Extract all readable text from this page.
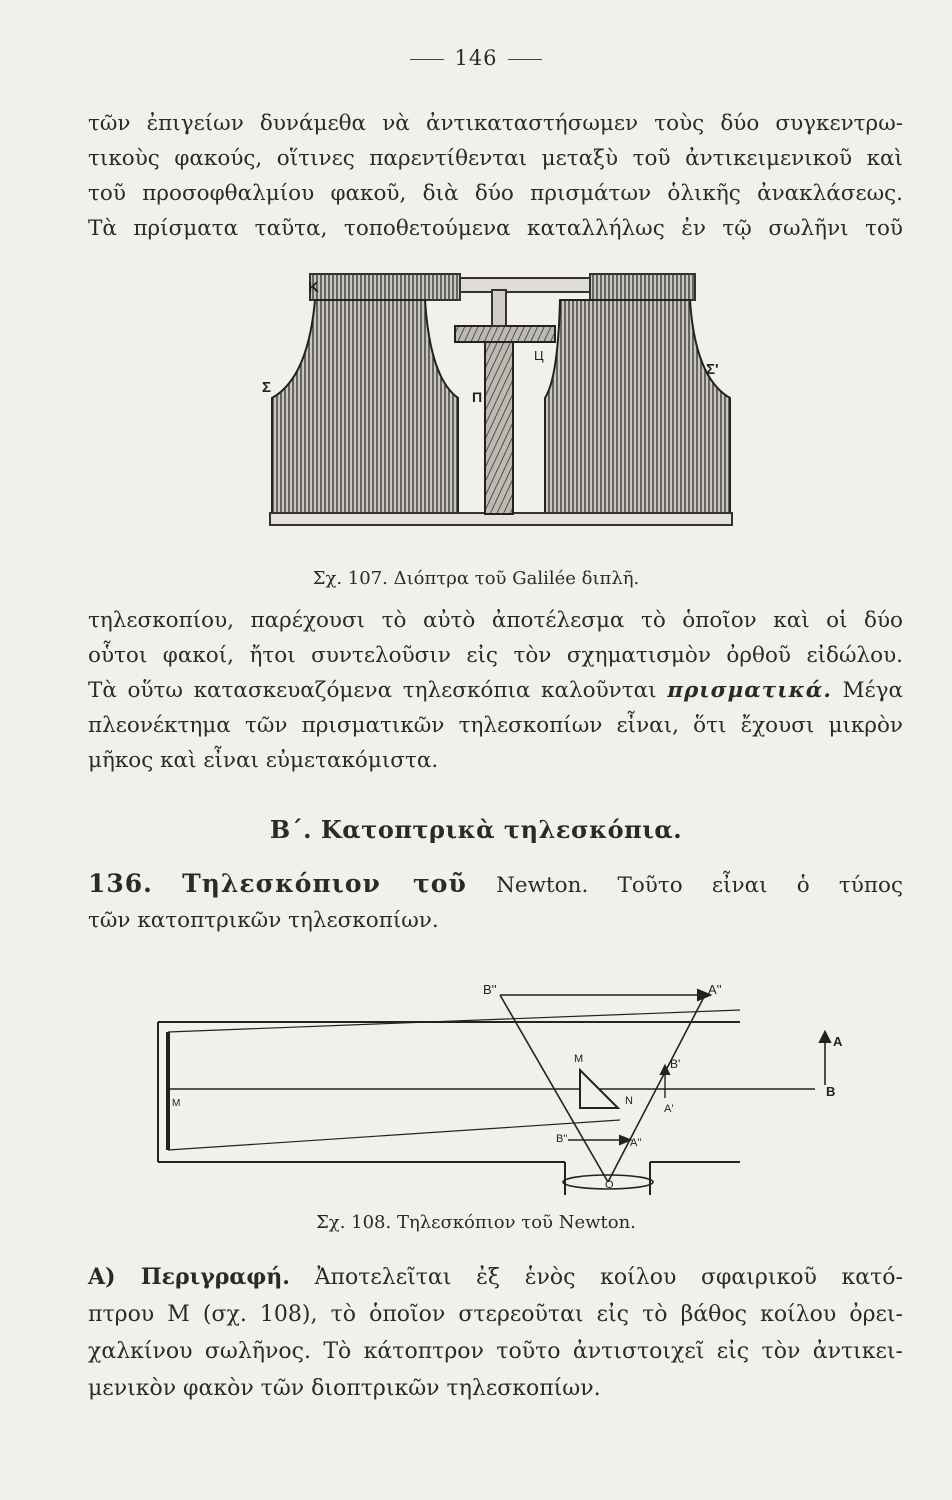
146
τῶν ἐπιγείων δυνάμεθα νὰ ἀντικαταστήσωμεν τοὺς δύο συγκεντρω-
τικοὺς φακούς, οἵτινες παρεντίθενται μεταξὺ τοῦ ἀντικειμενικοῦ καὶ
τοῦ προσοφθαλμίου φακοῦ, διὰ δύο πρισμάτων ὁλικῆς ἀνακλάσεως.
Τὰ πρίσματα ταῦτα, τοποθετούμενα καταλλήλως ἐν τῷ σωλῆνι τοῦ
K
Σ
Σ'
Π
Ц
Σχ. 107. Διόπτρα τοῦ Galilée διπλῆ.
τηλεσκοπίου, παρέχουσι τὸ αὐτὸ ἀποτέλεσμα τὸ ὁποῖον καὶ οἱ δύο
οὗτοι φακοί, ἤτοι συντελοῦσιν εἰς τὸν σχηματισμὸν ὀρθοῦ εἰδώλου.
Τὰ οὕτω κατασκευαζόμενα τηλεσκόπια καλοῦνται πρισματικά. Μέγα
πλεονέκτημα τῶν πρισματικῶν τηλεσκοπίων εἶναι, ὅτι ἔχουσι μικρὸν
μῆκος καὶ εἶναι εὐμετακόμιστα.
Β΄. Κατοπτρικὰ τηλεσκόπια.
136. Τηλεσκόπιον τοῦ Newton. Τοῦτο εἶναι ὁ τύπος
τῶν κατοπτρικῶν τηλεσκοπίων.
B''	A''
M	B'
N
A'
B''	A''
O
A
B
M
Σχ. 108. Τηλεσκόπιον τοῦ Newton.
Α) Περιγραφή. Ἀποτελεῖται ἐξ ἑνὸς κοίλου σφαιρικοῦ κατό-
πτρου Μ (σχ. 108), τὸ ὁποῖον στερεοῦται εἰς τὸ βάθος κοίλου ὀρει-
χαλκίνου σωλῆνος. Τὸ κάτοπτρον τοῦτο ἀντιστοιχεῖ εἰς τὸν ἀντικει-
μενικὸν φακὸν τῶν διοπτρικῶν τηλεσκοπίων.
